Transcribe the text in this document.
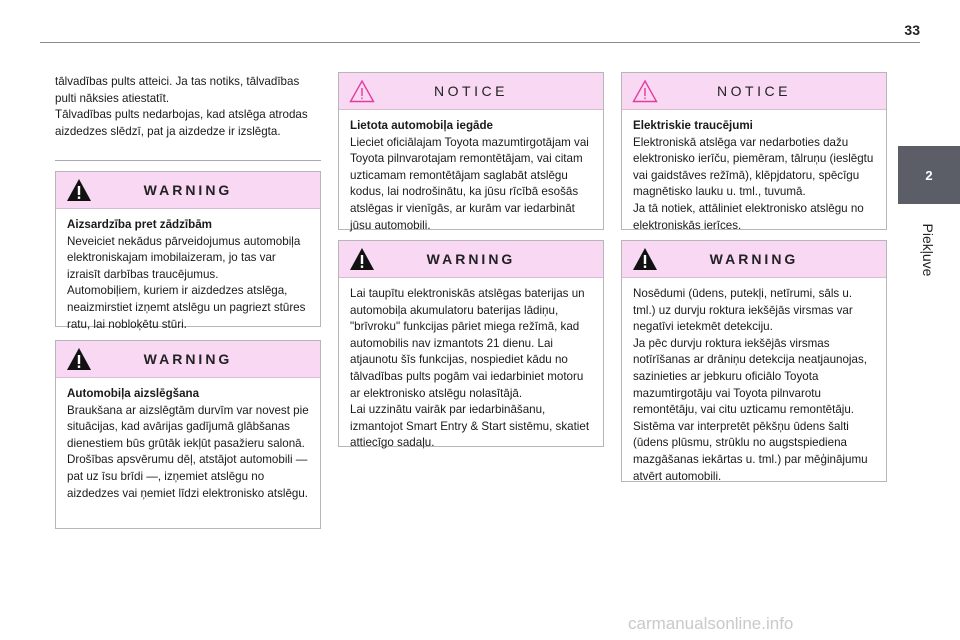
33
2
Piekļuve
tālvadības pults atteici. Ja tas notiks, tālvadības pulti nāksies atiestatīt.
Tālvadības pults nedarbojas, kad atslēga atrodas aizdedzes slēdzī, pat ja aizdedze ir izslēgta.
WARNING
Aizsardzība pret zādzībām
Neveiciet nekādus pārveidojumus automobiļa elektroniskajam imobilaizeram, jo tas var izraisīt darbības traucējumus.
Automobiļiem, kuriem ir aizdedzes atslēga, neaizmirstiet izņemt atslēgu un pagriezt stūres ratu, lai nobloķētu stūri.
WARNING
Automobiļa aizslēgšana
Braukšana ar aizslēgtām durvīm var novest pie situācijas, kad avārijas gadījumā glābšanas dienestiem būs grūtāk iekļūt pasažieru salonā.
Drošības apsvērumu dēļ, atstājot automobili — pat uz īsu brīdi —, izņemiet atslēgu no aizdedzes vai ņemiet līdzi elektronisko atslēgu.
NOTICE
Lietota automobiļa iegāde
Lieciet oficiālajam Toyota mazumtirgotājam vai Toyota pilnvarotajam remontētājam, vai citam uzticamam remontētājam saglabāt atslēgu kodus, lai nodrošinātu, ka jūsu rīcībā esošās atslēgas ir vienīgās, ar kurām var iedarbināt jūsu automobili.
WARNING
Lai taupītu elektroniskās atslēgas baterijas un automobiļa akumulatoru baterijas lādiņu, "brīvroku" funkcijas pāriet miega režīmā, kad automobilis nav izmantots 21 dienu. Lai atjaunotu šīs funkcijas, nospiediet kādu no tālvadības pults pogām vai iedarbiniet motoru ar elektronisko atslēgu nolasītājā.
Lai uzzinātu vairāk par iedarbināšanu, izmantojot Smart Entry & Start sistēmu, skatiet attiecīgo sadaļu.
NOTICE
Elektriskie traucējumi
Elektroniskā atslēga var nedarboties dažu elektronisko ierīču, piemēram, tālruņu (ieslēgtu vai gaidstāves režīmā), klēpjdatoru, spēcīgu magnētisko lauku u. tml., tuvumā.
Ja tā notiek, attāliniet elektronisko atslēgu no elektroniskās ierīces.
WARNING
Nosēdumi (ūdens, putekļi, netīrumi, sāls u. tml.) uz durvju roktura iekšējās virsmas var negatīvi ietekmēt detekciju.
Ja pēc durvju roktura iekšējās virsmas notīrīšanas ar drāniņu detekcija neatjaunojas, sazinieties ar jebkuru oficiālo Toyota mazumtirgotāju vai Toyota pilnvarotu remontētāju, vai citu uzticamu remontētāju.
Sistēma var interpretēt pēkšņu ūdens šalti (ūdens plūsmu, strūklu no augstspiediena mazgāšanas iekārtas u. tml.) par mēģinājumu atvērt automobili.
carmanualsonline.info
